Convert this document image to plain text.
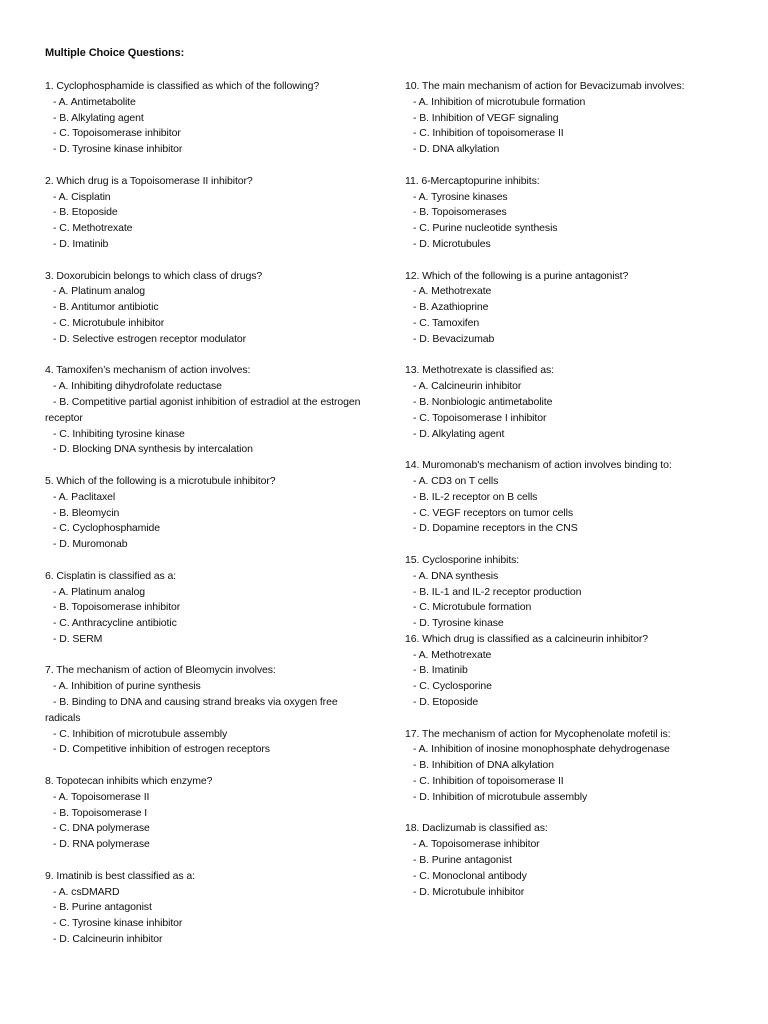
Multiple Choice Questions:
1. Cyclophosphamide is classified as which of the following?
- A. Antimetabolite
- B. Alkylating agent
- C. Topoisomerase inhibitor
- D. Tyrosine kinase inhibitor
2. Which drug is a Topoisomerase II inhibitor?
- A. Cisplatin
- B. Etoposide
- C. Methotrexate
- D. Imatinib
3. Doxorubicin belongs to which class of drugs?
- A. Platinum analog
- B. Antitumor antibiotic
- C. Microtubule inhibitor
- D. Selective estrogen receptor modulator
4. Tamoxifen’s mechanism of action involves:
- A. Inhibiting dihydrofolate reductase
- B. Competitive partial agonist inhibition of estradiol at the estrogen receptor
- C. Inhibiting tyrosine kinase
- D. Blocking DNA synthesis by intercalation
5. Which of the following is a microtubule inhibitor?
- A. Paclitaxel
- B. Bleomycin
- C. Cyclophosphamide
- D. Muromonab
6. Cisplatin is classified as a:
- A. Platinum analog
- B. Topoisomerase inhibitor
- C. Anthracycline antibiotic
- D. SERM
7. The mechanism of action of Bleomycin involves:
- A. Inhibition of purine synthesis
- B. Binding to DNA and causing strand breaks via oxygen free radicals
- C. Inhibition of microtubule assembly
- D. Competitive inhibition of estrogen receptors
8. Topotecan inhibits which enzyme?
- A. Topoisomerase II
- B. Topoisomerase I
- C. DNA polymerase
- D. RNA polymerase
9. Imatinib is best classified as a:
- A. csDMARD
- B. Purine antagonist
- C. Tyrosine kinase inhibitor
- D. Calcineurin inhibitor
10. The main mechanism of action for Bevacizumab involves:
- A. Inhibition of microtubule formation
- B. Inhibition of VEGF signaling
- C. Inhibition of topoisomerase II
- D. DNA alkylation
11. 6-Mercaptopurine inhibits:
- A. Tyrosine kinases
- B. Topoisomerases
- C. Purine nucleotide synthesis
- D. Microtubules
12. Which of the following is a purine antagonist?
- A. Methotrexate
- B. Azathioprine
- C. Tamoxifen
- D. Bevacizumab
13. Methotrexate is classified as:
- A. Calcineurin inhibitor
- B. Nonbiologic antimetabolite
- C. Topoisomerase I inhibitor
- D. Alkylating agent
14. Muromonab's mechanism of action involves binding to:
- A. CD3 on T cells
- B. IL-2 receptor on B cells
- C. VEGF receptors on tumor cells
- D. Dopamine receptors in the CNS
15. Cyclosporine inhibits:
- A. DNA synthesis
- B. IL-1 and IL-2 receptor production
- C. Microtubule formation
- D. Tyrosine kinase
16. Which drug is classified as a calcineurin inhibitor?
- A. Methotrexate
- B. Imatinib
- C. Cyclosporine
- D. Etoposide
17. The mechanism of action for Mycophenolate mofetil is:
- A. Inhibition of inosine monophosphate dehydrogenase
- B. Inhibition of DNA alkylation
- C. Inhibition of topoisomerase II
- D. Inhibition of microtubule assembly
18. Daclizumab is classified as:
- A. Topoisomerase inhibitor
- B. Purine antagonist
- C. Monoclonal antibody
- D. Microtubule inhibitor
